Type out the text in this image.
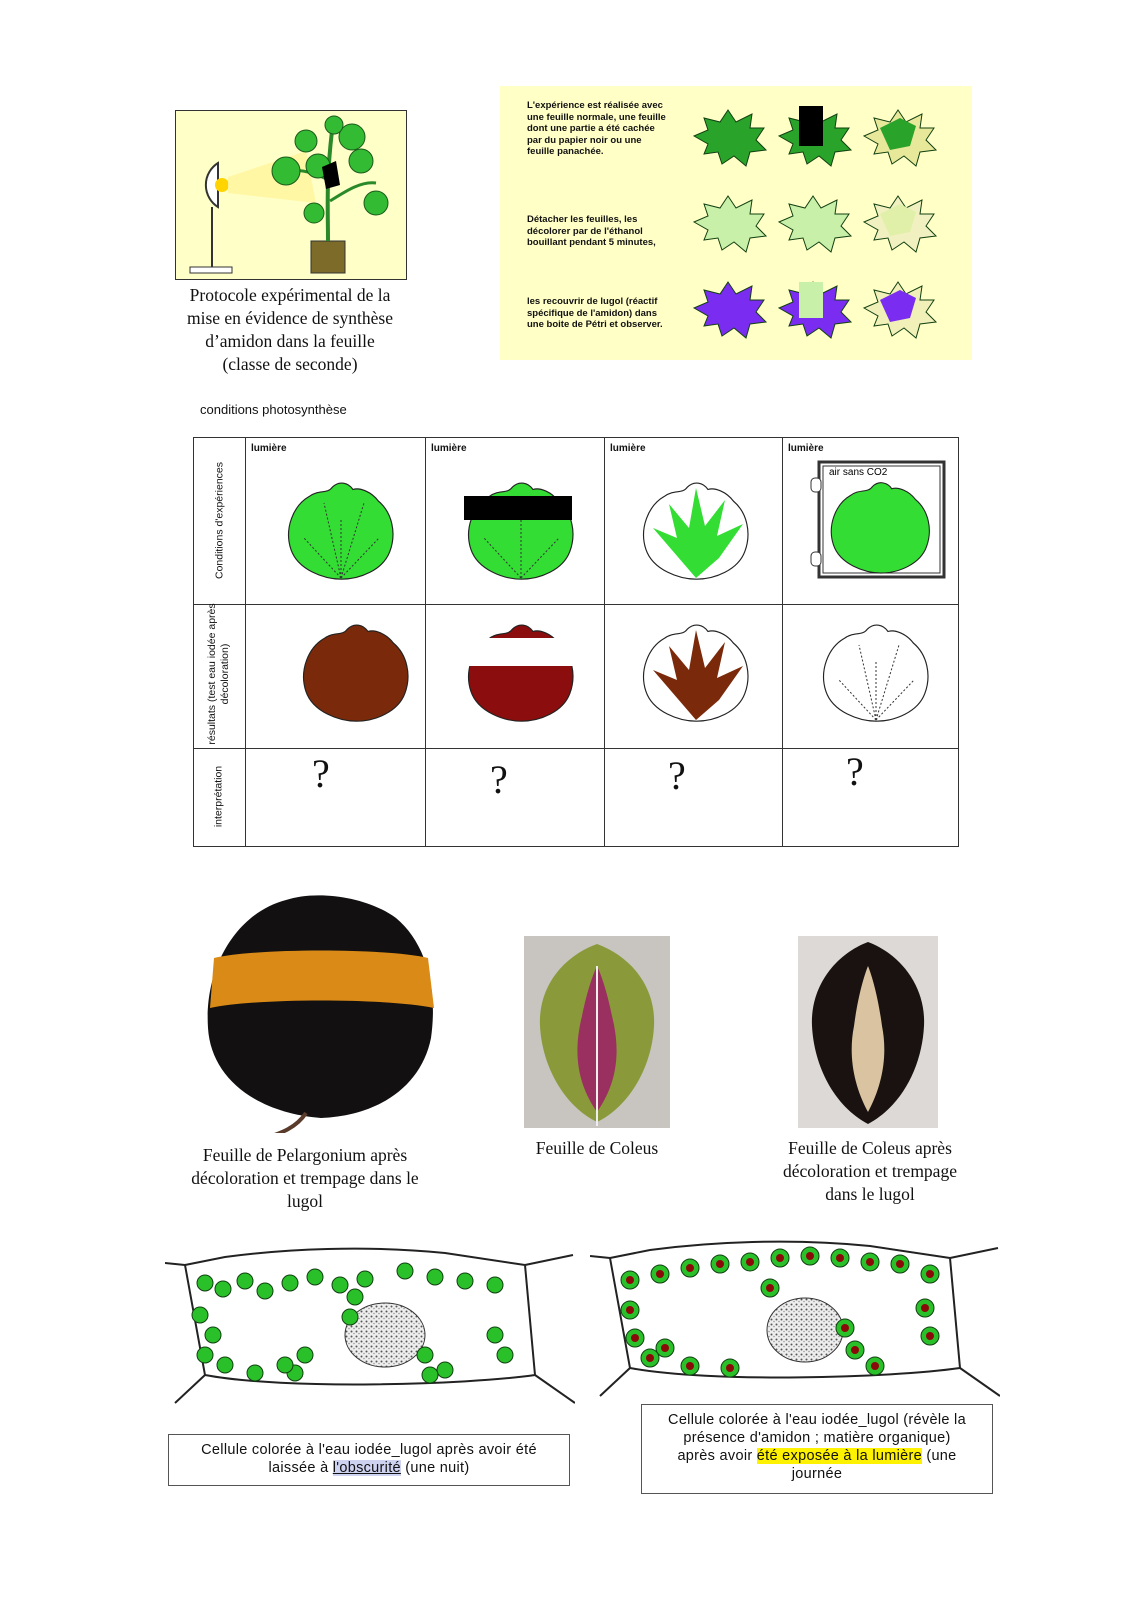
Protocole expérimental de la
mise en évidence de synthèse
d’amidon dans la feuille
(classe de seconde)
L'expérience est réalisée avec une feuille normale, une feuille dont une partie a été cachée par du papier noir ou une feuille panachée.
Détacher les feuilles, les décolorer par de l'éthanol bouillant pendant 5 minutes,
les recouvrir de lugol (réactif spécifique de l'amidon) dans une boite de Pétri et observer.
conditions photosynthèse
lumière	lumière	lumière	lumière
Conditions d'expériences
résultats (test eau iodée après décoloration)
interprétation
air sans CO2
?	?	?	?
Feuille de Pelargonium après décoloration et trempage dans le lugol
Feuille de Coleus	Feuille de Coleus après décoloration et trempage dans le lugol
Cellule colorée à l'eau iodée_lugol après avoir été
laissée à l'obscurité (une nuit)
Cellule colorée à l'eau iodée_lugol (révèle la
présence d'amidon ; matière organique)
après avoir été exposée à la lumière (une
journée
